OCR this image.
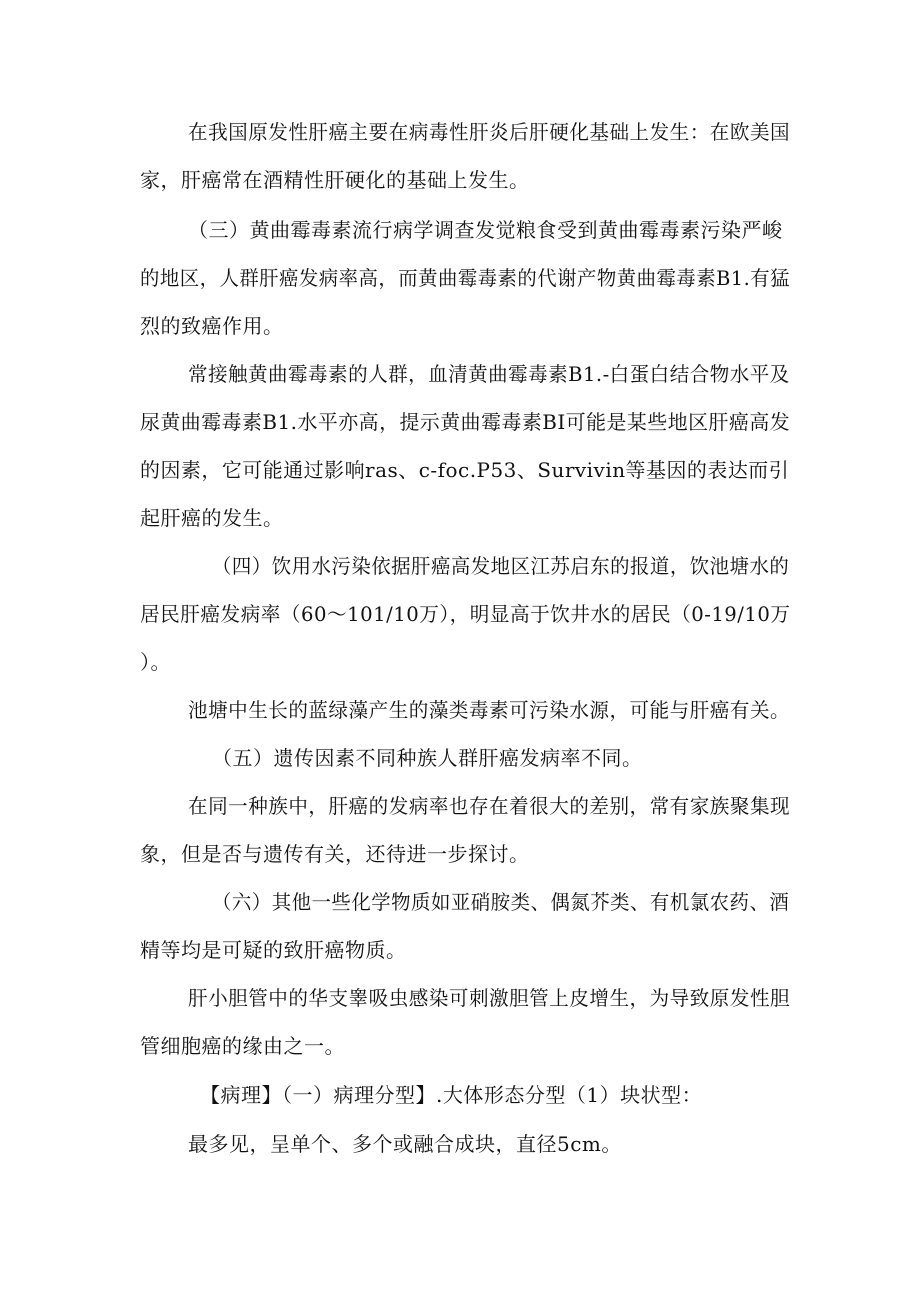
在我国原发性肝癌主要在病毒性肝炎后肝硬化基础上发生：在欧美国
家，肝癌常在酒精性肝硬化的基础上发生。
（三）黄曲霉毒素流行病学调查发觉粮食受到黄曲霉毒素污染严峻
的地区，人群肝癌发病率高，而黄曲霉毒素的代谢产物黄曲霉毒素B1.有猛
烈的致癌作用。
常接触黄曲霉毒素的人群，血清黄曲霉毒素B1.-白蛋白结合物水平及
尿黄曲霉毒素B1.水平亦高，提示黄曲霉毒素BI可能是某些地区肝癌高发
的因素，它可能通过影响ras、c-foc.P53、Survivin等基因的表达而引
起肝癌的发生。
（四）饮用水污染依据肝癌高发地区江苏启东的报道，饮池塘水的
居民肝癌发病率（60～101/10万），明显高于饮井水的居民（0-19/10万
）。
池塘中生长的蓝绿藻产生的藻类毒素可污染水源，可能与肝癌有关。
（五）遗传因素不同种族人群肝癌发病率不同。
在同一种族中，肝癌的发病率也存在着很大的差别，常有家族聚集现
象，但是否与遗传有关，还待进一步探讨。
（六）其他一些化学物质如亚硝胺类、偶氮芥类、有机氯农药、酒
精等均是可疑的致肝癌物质。
肝小胆管中的华支睾吸虫感染可刺激胆管上皮增生，为导致原发性胆
管细胞癌的缘由之一。
【病理】（一）病理分型】.大体形态分型（1）块状型：
最多见，呈单个、多个或融合成块，直径5cm。
